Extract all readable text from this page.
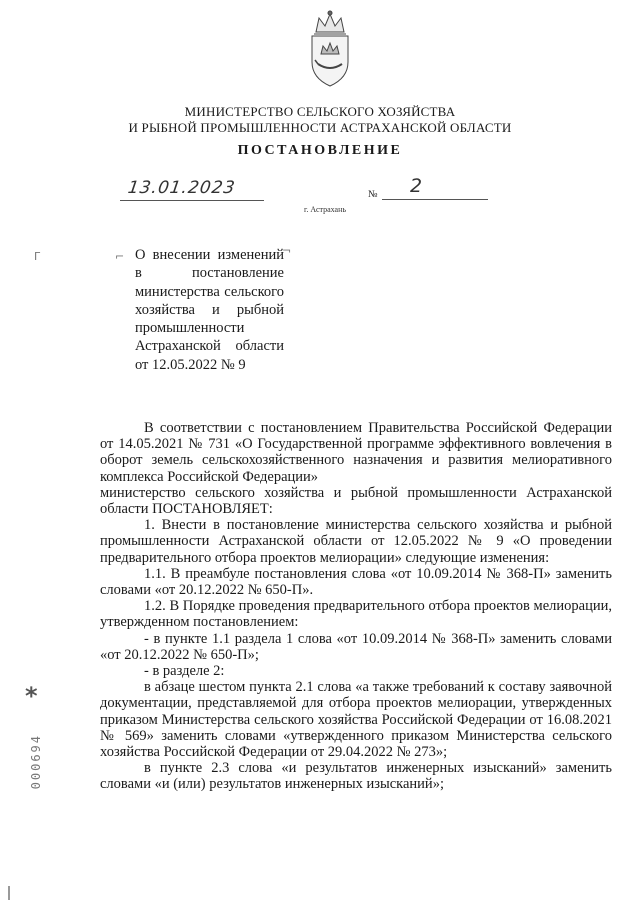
МИНИСТЕРСТВО СЕЛЬСКОГО ХОЗЯЙСТВА
И РЫБНОЙ ПРОМЫШЛЕННОСТИ АСТРАХАНСКОЙ ОБЛАСТИ
ПОСТАНОВЛЕНИЕ
13.01.2023	№ 2
г. Астрахань
Г	⌐	¬
О внесении изменений в постановление министерства сельского хозяйства и рыбной промышленности Астраханской области от 12.05.2022 № 9

В соответствии с постановлением Правительства Российской Федерации от 14.05.2021 № 731 «О Государственной программе эффективного вовлечения в оборот земель сельскохозяйственного назначения и развития мелиоративного комплекса Российской Федерации»

министерство сельского хозяйства и рыбной промышленности Астраханской области ПОСТАНОВЛЯЕТ:

1. Внести в постановление министерства сельского хозяйства и рыбной промышленности Астраханской области от 12.05.2022 № 9 «О проведении предварительного отбора проектов мелиорации» следующие изменения:

1.1. В преамбуле постановления слова «от 10.09.2014 № 368-П» заменить словами «от 20.12.2022 № 650-П».

1.2. В Порядке проведения предварительного отбора проектов мелиорации, утвержденном постановлением:

- в пункте 1.1 раздела 1 слова «от 10.09.2014 № 368-П» заменить словами «от 20.12.2022 № 650-П»;

- в разделе 2:

в абзаце шестом пункта 2.1 слова «а также требований к составу заявочной документации, представляемой для отбора проектов мелиорации, утвержденных приказом Министерства сельского хозяйства Российской Федерации от 16.08.2021 № 569» заменить словами «утвержденного приказом Министерства сельского хозяйства Российской Федерации от 29.04.2022 № 273»;

в пункте 2.3 слова «и результатов инженерных изысканий» заменить словами «и (или) результатов инженерных изысканий»;

*
000694
